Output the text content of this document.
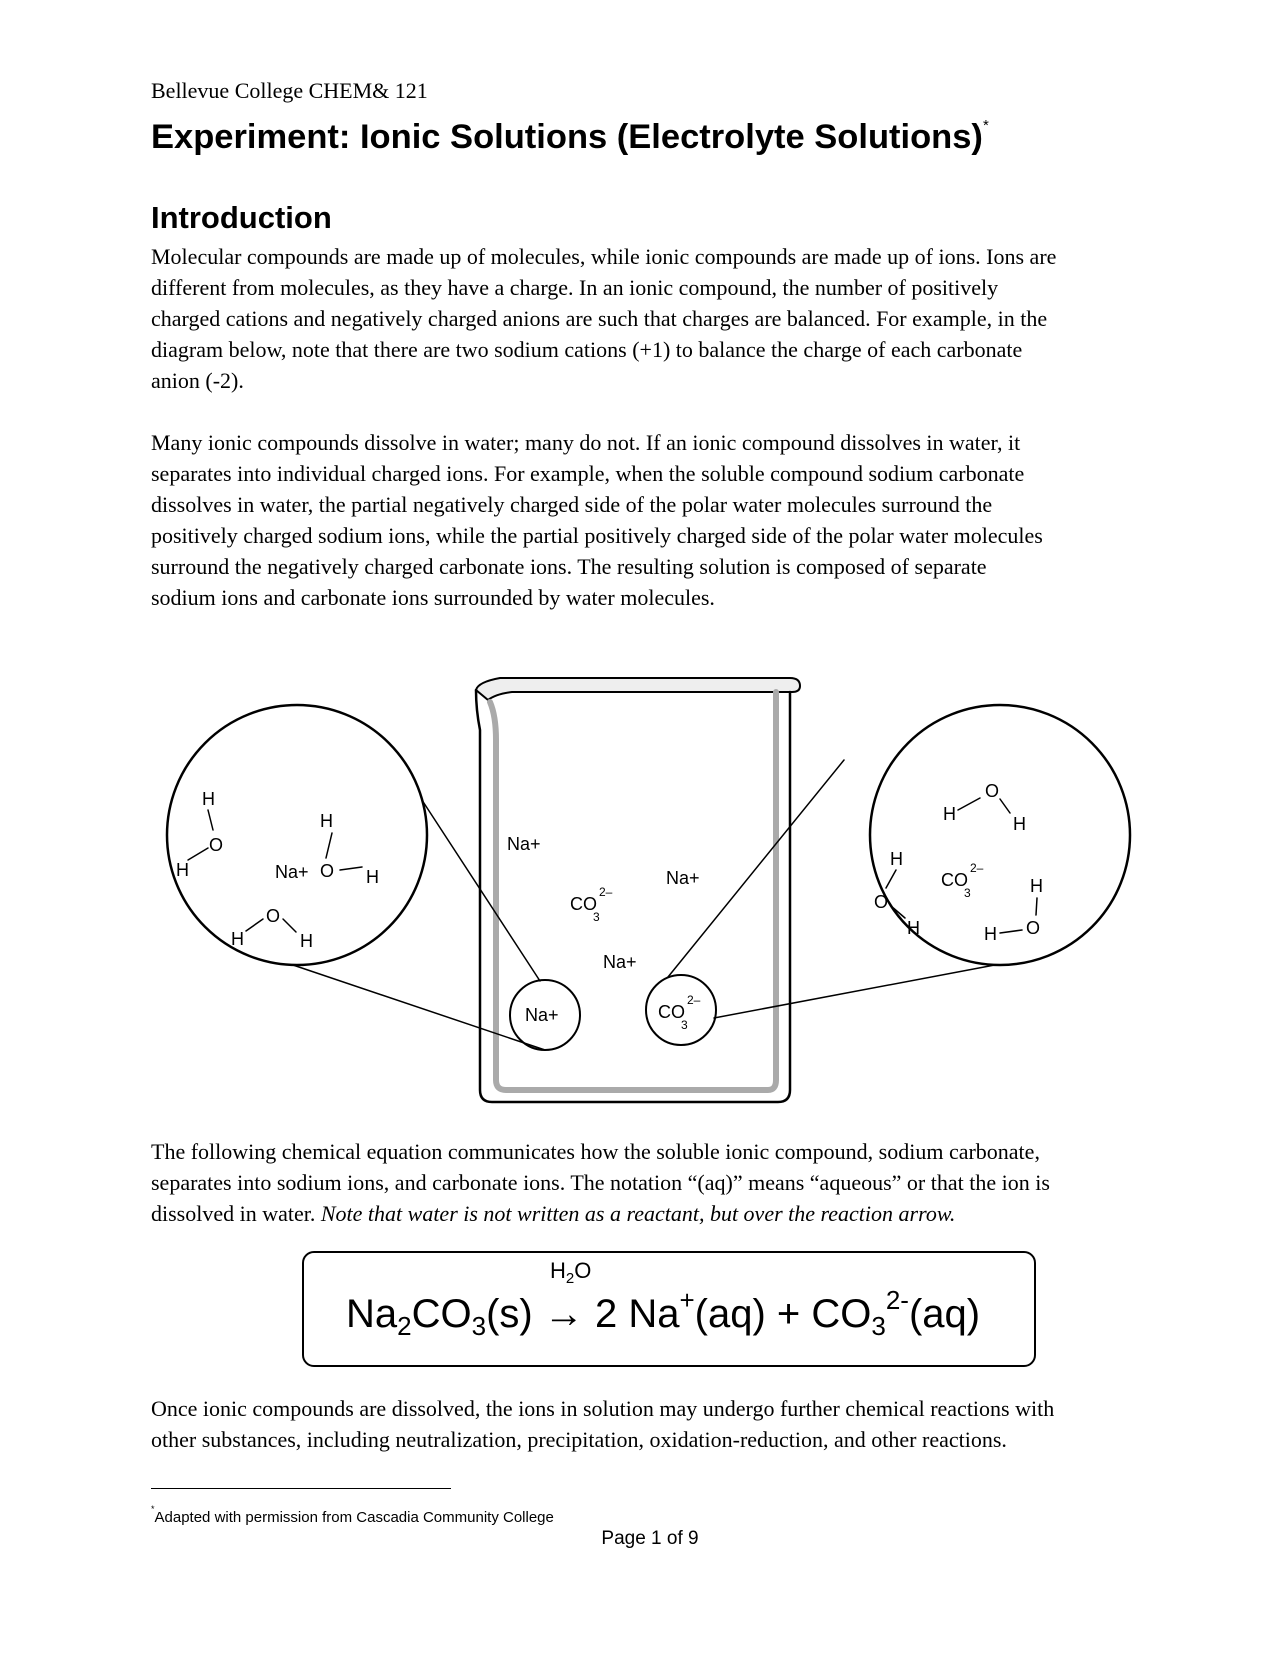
Bellevue College CHEM& 121
Experiment: Ionic Solutions (Electrolyte Solutions)*
Introduction
Molecular compounds are made up of molecules, while ionic compounds are made up of ions. Ions are
different from molecules, as they have a charge. In an ionic compound, the number of positively
charged cations and negatively charged anions are such that charges are balanced. For example, in the
diagram below, note that there are two sodium cations (+1) to balance the charge of each carbonate
anion (-2).
Many ionic compounds dissolve in water; many do not. If an ionic compound dissolves in water, it
separates into individual charged ions. For example, when the soluble compound sodium carbonate
dissolves in water, the partial negatively charged side of the polar water molecules surround the
positively charged sodium ions, while the partial positively charged side of the polar water molecules
surround the negatively charged carbonate ions. The resulting solution is composed of separate
sodium ions and carbonate ions surrounded by water molecules.
Na+
Na+
Na+
CO
3
2–
Na+	CO
3
2–
Na+
H
O
H
H
O H
O
H	H
CO
3
2–
O
H	H
H
O
H
H
O
H
The following chemical equation communicates how the soluble ionic compound, sodium carbonate,
separates into sodium ions, and carbonate ions. The notation “(aq)” means “aqueous” or that the ion is
dissolved in water. Note that water is not written as a reactant, but over the reaction arrow.
$H_2O$
$Na_2CO_3(s) \to 2$ $Na^+(aq) + CO_3^{2-}(aq)$
Once ionic compounds are dissolved, the ions in solution may undergo further chemical reactions with
other substances, including neutralization, precipitation, oxidation-reduction, and other reactions.
*Adapted with permission from Cascadia Community College
Page 1 of 9
